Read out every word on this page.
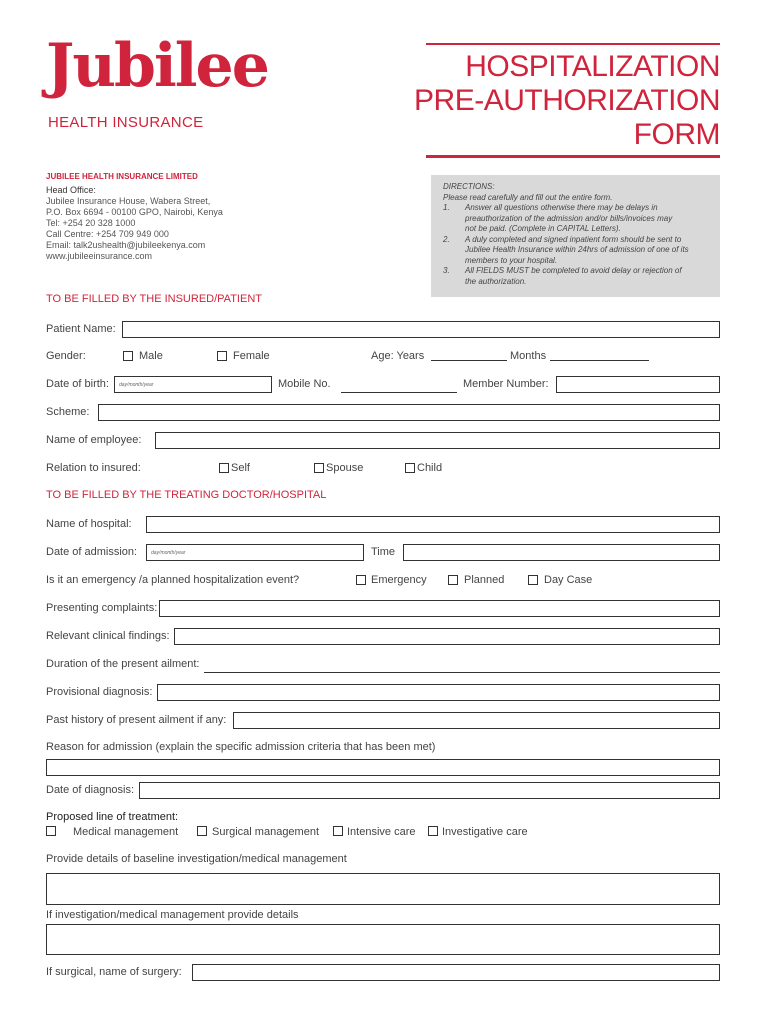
Jubilee
HEALTH INSURANCE
HOSPITALIZATION
PRE-AUTHORIZATION
FORM
JUBILEE HEALTH INSURANCE LIMITED
Head Office:
Jubilee Insurance House, Wabera Street,
P.O. Box 6694 - 00100 GPO, Nairobi, Kenya
Tel: +254 20 328 1000
Call Centre: +254 709 949 000
Email: talk2ushealth@jubileekenya.com
www.jubileeinsurance.com
DIRECTIONS:
Please read carefully and fill out the entire form.
1.	Answer all questions otherwise there may be delays in
preauthorization of the admission and/or bills/invoices may
not be paid. (Complete in CAPITAL Letters).
2.	A duly completed and signed inpatient form should be sent to
Jubilee Health Insurance within 24hrs of admission of one of its
members to your hospital.
3.	All FIELDS MUST be completed to avoid delay or rejection of
the authorization.
TO BE FILLED BY THE INSURED/PATIENT
Patient Name:
Gender:	Male	Female	Age: Years	Months
Date of birth:	day/month/year	Mobile No.	Member Number:
Scheme:
Name of employee:
Relation to insured:	Self	Spouse	Child
TO BE FILLED BY THE TREATING DOCTOR/HOSPITAL
Name of hospital:
Date of admission:	day/month/year	Time
Is it an emergency /a planned hospitalization event?	Emergency	Planned	Day Case
Presenting complaints:
Relevant clinical findings:
Duration of the present ailment:
Provisional diagnosis:
Past history of present ailment if any:
Reason for admission (explain the specific admission criteria that has been met)
Date of diagnosis:
Proposed line of treatment:
Medical management	Surgical management	Intensive care Investigative care
Provide details of baseline investigation/medical management
If investigation/medical management provide details
If surgical, name of surgery:
